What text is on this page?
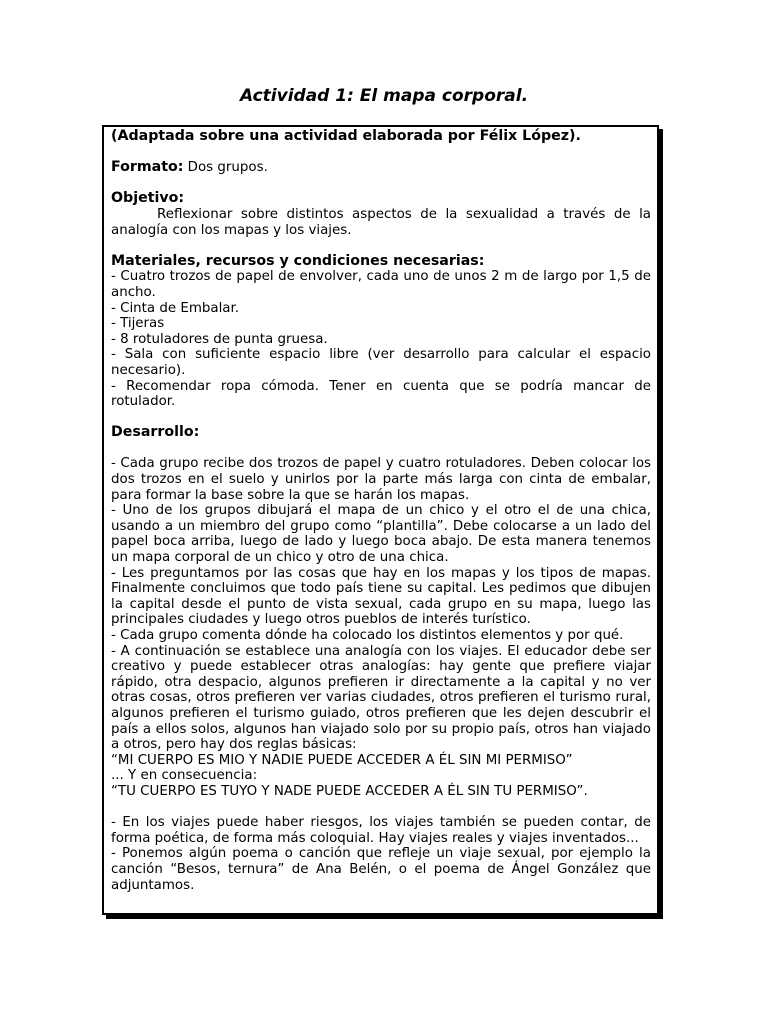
Actividad 1: El mapa corporal.

(Adaptada sobre una actividad elaborada por Félix López).

Formato: Dos grupos.

Objetivo:

Reflexionar sobre distintos aspectos de la sexualidad a través de la analogía con los mapas y los viajes.

Materiales, recursos y condiciones necesarias:

- Cuatro trozos de papel de envolver, cada uno de unos 2 m de largo por 1,5 de ancho.

- Cinta de Embalar.

- Tijeras

- 8 rotuladores de punta gruesa.

- Sala con suficiente espacio libre (ver desarrollo para calcular el espacio necesario).

- Recomendar ropa cómoda. Tener en cuenta que se podría mancar de rotulador.

Desarrollo:

- Cada grupo recibe dos trozos de papel y cuatro rotuladores. Deben colocar los dos trozos en el suelo y unirlos por la parte más larga con cinta de embalar, para formar la base sobre la que se harán los mapas.

- Uno de los grupos dibujará el mapa de un chico y el otro el de una chica, usando a un miembro del grupo como “plantilla”. Debe colocarse a un lado del papel boca arriba, luego de lado y luego boca abajo. De esta manera tenemos un mapa corporal de un chico y otro de una chica.

- Les preguntamos por las cosas que hay en los mapas y los tipos de mapas. Finalmente concluimos que todo país tiene su capital. Les pedimos que dibujen la capital desde el punto de vista sexual, cada grupo en su mapa, luego las principales ciudades y luego otros pueblos de interés turístico.

- Cada grupo comenta dónde ha colocado los distintos elementos y por qué.

- A continuación se establece una analogía con los viajes. El educador debe ser creativo y puede establecer otras analogías: hay gente que prefiere viajar rápido, otra despacio, algunos prefieren ir directamente a la capital y no ver otras cosas, otros prefieren ver varias ciudades, otros prefieren el turismo rural, algunos prefieren el turismo guiado, otros prefieren que les dejen descubrir el país a ellos solos, algunos han viajado solo por su propio país, otros han viajado a otros, pero hay dos reglas básicas:

“MI CUERPO ES MIO Y NADIE PUEDE ACCEDER A ÉL SIN MI PERMISO”

... Y en consecuencia:

“TU CUERPO ES TUYO Y NADE PUEDE ACCEDER A ÉL SIN TU PERMISO”.

- En los viajes puede haber riesgos, los viajes también se pueden contar, de forma poética, de forma más coloquial. Hay viajes reales y viajes inventados...

- Ponemos algún poema o canción que refleje un viaje sexual, por ejemplo la canción “Besos, ternura” de Ana Belén, o el poema de Ángel González que adjuntamos.
